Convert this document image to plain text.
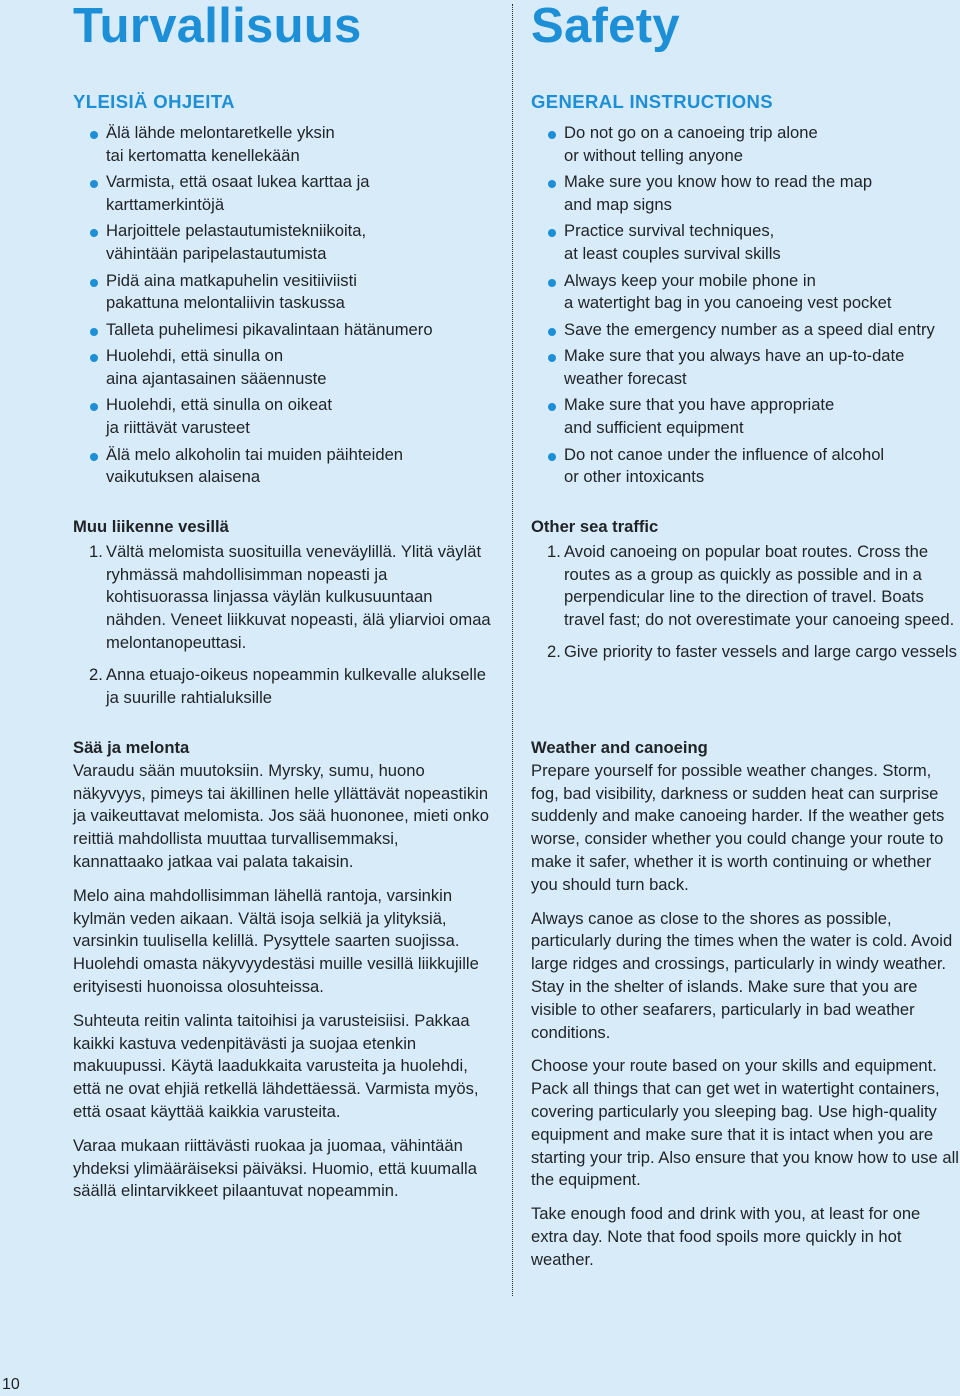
Turvallisuus
YLEISIÄ OHJEITA
Älä lähde melontaretkelle yksin
tai kertomatta kenellekään
Varmista, että osaat lukea karttaa ja
karttamerkintöjä
Harjoittele pelastautumistekniikoita,
vähintään paripelastautumista
Pidä aina matkapuhelin vesitiiviisti
pakattuna melontaliivin taskussa
Talleta puhelimesi pikavalintaan hätänumero
Huolehdi, että sinulla on
aina ajantasainen sääennuste
Huolehdi, että sinulla on oikeat
ja riittävät varusteet
Älä melo alkoholin tai muiden päihteiden
vaikutuksen alaisena
Muu liikenne vesillä
1. Vältä melomista suosituilla veneväylillä. Ylitä väylät ryhmässä mahdollisimman nopeasti ja kohtisuorassa linjassa väylän kulkusuuntaan nähden. Veneet liikkuvat nopeasti, älä yliarvioi omaa melontanopeuttasi.
2. Anna etuajo-oikeus nopeammin kulkevalle alukselle ja suurille rahtialuksille
Sää ja melonta

Varaudu sään muutoksiin. Myrsky, sumu, huono näkyvyys, pimeys tai äkillinen helle yllättävät nopeastikin ja vaikeuttavat melomista. Jos sää huononee, mieti onko reittiä mahdollista muuttaa turvallisemmaksi, kannattaako jatkaa vai palata takaisin.

Melo aina mahdollisimman lähellä rantoja, varsinkin kylmän veden aikaan. Vältä isoja selkiä ja ylityksiä, varsinkin tuulisella kelillä. Pysyttele saarten suojissa. Huolehdi omasta näkyvyydestäsi muille vesillä liikkujille erityisesti huonoissa olosuhteissa.

Suhteuta reitin valinta taitoihisi ja varusteisiisi. Pakkaa kaikki kastuva vedenpitävästi ja suojaa etenkin makuupussi. Käytä laadukkaita varusteita ja huolehdi, että ne ovat ehjiä retkellä lähdettäessä. Varmista myös, että osaat käyttää kaikkia varusteita.

Varaa mukaan riittävästi ruokaa ja juomaa, vähintään yhdeksi ylimääräiseksi päiväksi. Huomio, että kuumalla säällä elintarvikkeet pilaantuvat nopeammin.

Safety
GENERAL INSTRUCTIONS
Do not go on a canoeing trip alone
or without telling anyone
Make sure you know how to read the map
and map signs
Practice survival techniques,
at least couples survival skills
Always keep your mobile phone in
a watertight bag in you canoeing vest pocket
Save the emergency number as a speed dial entry
Make sure that you always have an up-to-date
weather forecast
Make sure that you have appropriate
and sufficient equipment
Do not canoe under the influence of alcohol
or other intoxicants
Other sea traffic
1. Avoid canoeing on popular boat routes. Cross the routes as a group as quickly as possible and in a perpendicular line to the direction of travel. Boats travel fast; do not overestimate your canoeing speed.
2. Give priority to faster vessels and large cargo vessels
Weather and canoeing

Prepare yourself for possible weather changes. Storm, fog, bad visibility, darkness or sudden heat can surprise suddenly and make canoeing harder. If the weather gets worse, consider whether you could change your route to make it safer, whether it is worth continuing or whether you should turn back.

Always canoe as close to the shores as possible, particularly during the times when the water is cold. Avoid large ridges and crossings, particularly in windy weather. Stay in the shelter of islands. Make sure that you are visible to other seafarers, particularly in bad weather conditions.

Choose your route based on your skills and equipment. Pack all things that can get wet in watertight containers, covering particularly you sleeping bag. Use high-quality equipment and make sure that it is intact when you are starting your trip. Also ensure that you know how to use all the equipment.

Take enough food and drink with you, at least for one extra day. Note that food spoils more quickly in hot weather.

10
